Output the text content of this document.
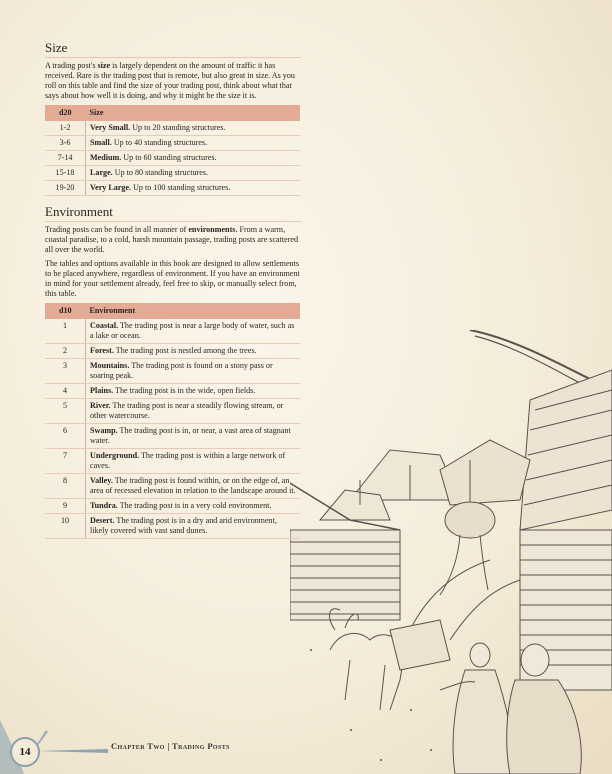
Size

A trading post's size is largely dependent on the amount of traffic it has received. Rare is the trading post that is remote, but also great in size. As you roll on this table and find the size of your trading post, think about what that says about how well it is doing, and why it might be the size it is.

d20	Size
1-2	Very Small. Up to 20 standing structures.
3-6	Small. Up to 40 standing structures.
7-14	Medium. Up to 60 standing structures.
15-18	Large. Up to 80 standing structures.
19-20	Very Large. Up to 100 standing structures.
Environment

Trading posts can be found in all manner of environments. From a warm, coastal paradise, to a cold, harsh mountain passage, trading posts are scattered all over the world.

The tables and options available in this book are designed to allow settlements to be placed anywhere, regardless of environment. If you have an environment in mind for your settlement already, feel free to skip, or manually select from, this table.

d10	Environment
1	Coastal. The trading post is near a large body of water, such as a lake or ocean.
2	Forest. The trading post is nestled among the trees.
3	Mountains. The trading post is found on a stony pass or soaring peak.
4	Plains. The trading post is in the wide, open fields.
5	River. The trading post is near a steadily flowing stream, or other watercourse.
6	Swamp. The trading post is in, or near, a vast area of stagnant water.
7	Underground. The trading post is within a large network of caves.
8	Valley. The trading post is found within, or on the edge of, an area of recessed elevation in relation to the landscape around it.
9	Tundra. The trading post is in a very cold environment.
10	Desert. The trading post is in a dry and arid environment, likely covered with vast sand dunes.
14	Chapter Two | Trading Posts
